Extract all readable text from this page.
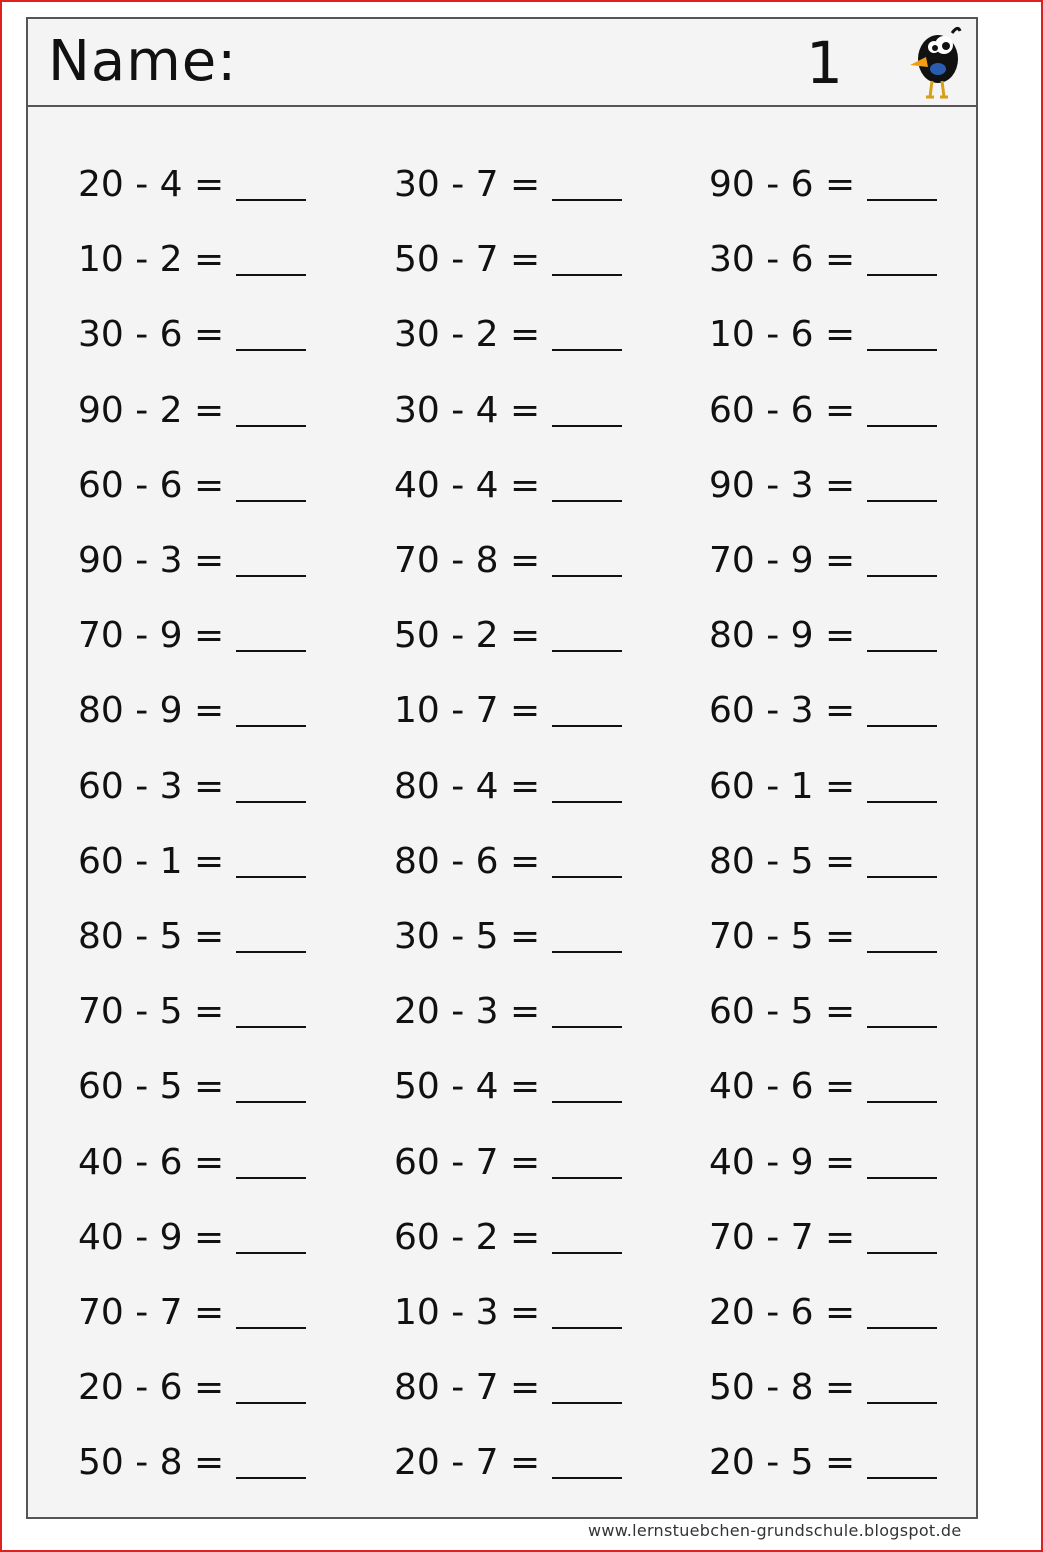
Name:	1
20 - 4 =
10 - 2 =
30 - 6 =
90 - 2 =
60 - 6 =
90 - 3 =
70 - 9 =
80 - 9 =
60 - 3 =
60 - 1 =
80 - 5 =
70 - 5 =
60 - 5 =
40 - 6 =
40 - 9 =
70 - 7 =
20 - 6 =
50 - 8 =
30 - 7 =
50 - 7 =
30 - 2 =
30 - 4 =
40 - 4 =
70 - 8 =
50 - 2 =
10 - 7 =
80 - 4 =
80 - 6 =
30 - 5 =
20 - 3 =
50 - 4 =
60 - 7 =
60 - 2 =
10 - 3 =
80 - 7 =
20 - 7 =
90 - 6 =
30 - 6 =
10 - 6 =
60 - 6 =
90 - 3 =
70 - 9 =
80 - 9 =
60 - 3 =
60 - 1 =
80 - 5 =
70 - 5 =
60 - 5 =
40 - 6 =
40 - 9 =
70 - 7 =
20 - 6 =
50 - 8 =
20 - 5 =
www.lernstuebchen-grundschule.blogspot.de
